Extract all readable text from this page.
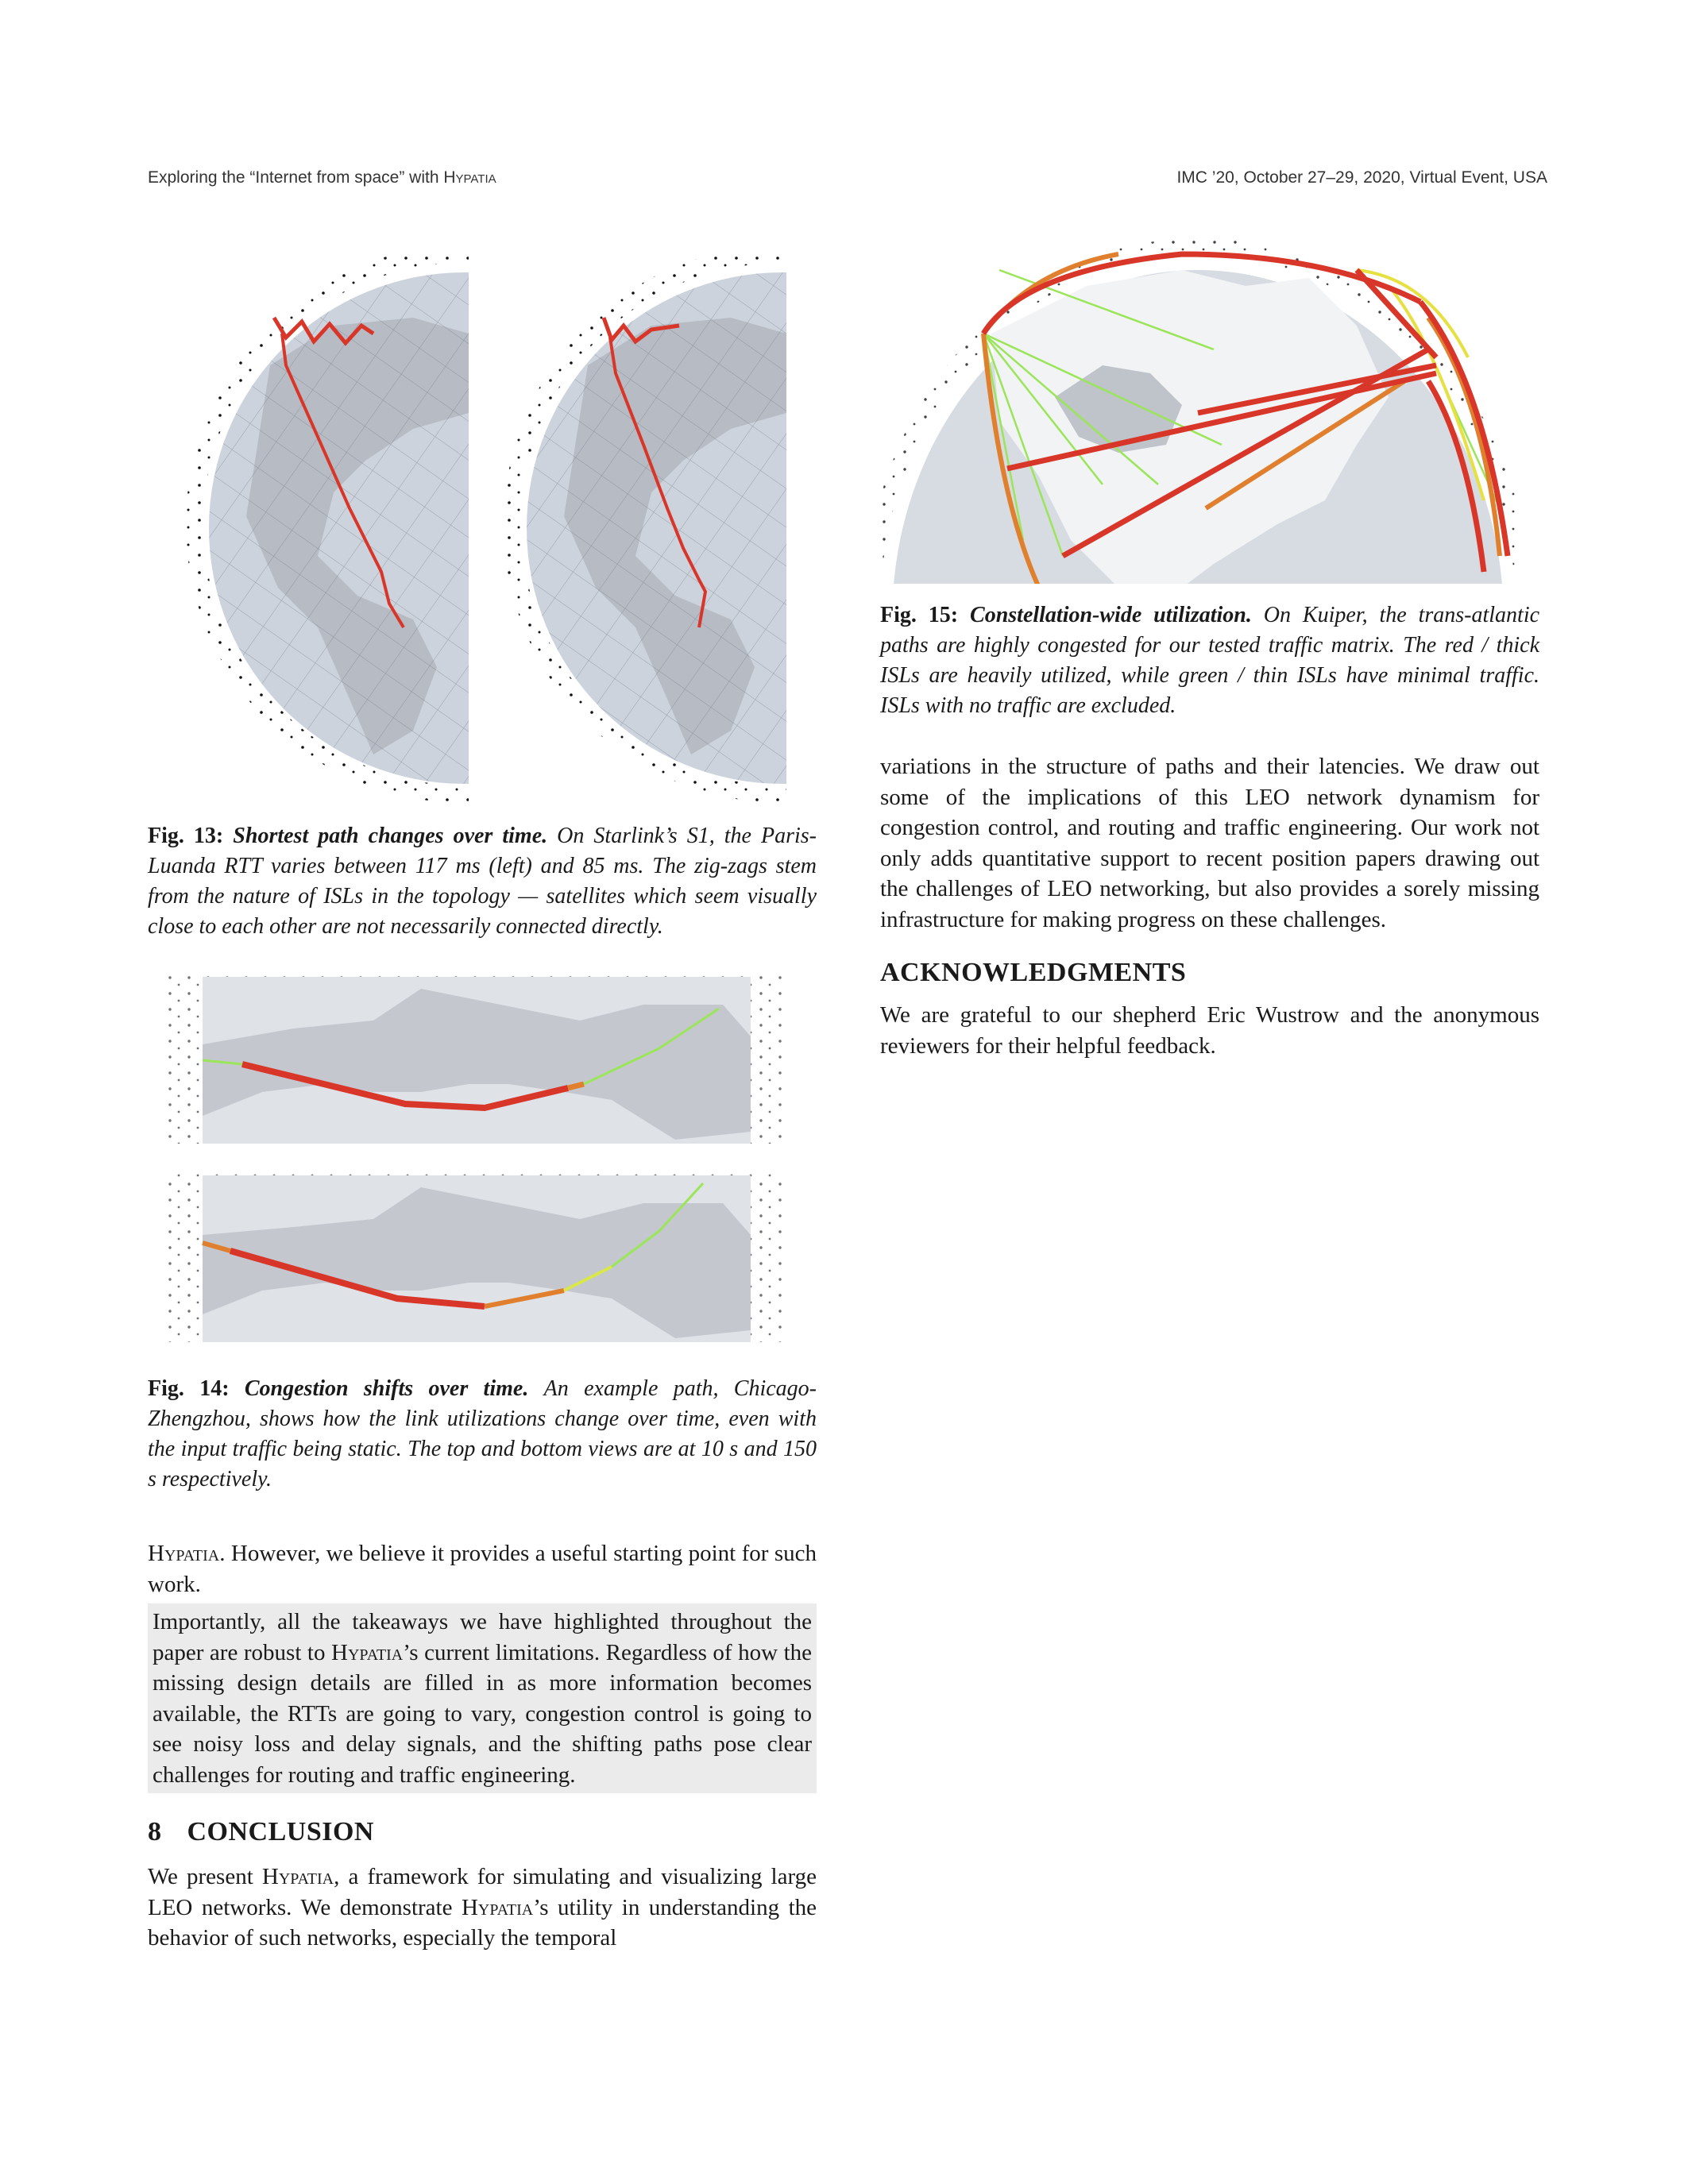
Exploring the “Internet from space” with Hypatia	IMC ’20, October 27–29, 2020, Virtual Event, USA
Fig. 13: Shortest path changes over time. On Starlink’s S1, the Paris-Luanda RTT varies between 117 ms (left) and 85 ms. The zig-zags stem from the nature of ISLs in the topology — satellites which seem visually close to each other are not necessarily connected directly.
Fig. 14: Congestion shifts over time. An example path, Chicago-Zhengzhou, shows how the link utilizations change over time, even with the input traffic being static. The top and bottom views are at 10 s and 150 s respectively.
Hypatia. However, we believe it provides a useful starting point for such work.
Importantly, all the takeaways we have highlighted throughout the paper are robust to Hypatia’s current limitations. Regardless of how the missing design details are filled in as more information becomes available, the RTTs are going to vary, congestion control is going to see noisy loss and delay signals, and the shifting paths pose clear challenges for routing and traffic engineering.
8 CONCLUSION
We present Hypatia, a framework for simulating and visualizing large LEO networks. We demonstrate Hypatia’s utility in understanding the behavior of such networks, especially the temporal
Fig. 15: Constellation-wide utilization. On Kuiper, the trans-atlantic paths are highly congested for our tested traffic matrix. The red / thick ISLs are heavily utilized, while green / thin ISLs have minimal traffic. ISLs with no traffic are excluded.
variations in the structure of paths and their latencies. We draw out some of the implications of this LEO network dynamism for congestion control, and routing and traffic engineering. Our work not only adds quantitative support to recent position papers drawing out the challenges of LEO networking, but also provides a sorely missing infrastructure for making progress on these challenges.
ACKNOWLEDGMENTS
We are grateful to our shepherd Eric Wustrow and the anonymous reviewers for their helpful feedback.
